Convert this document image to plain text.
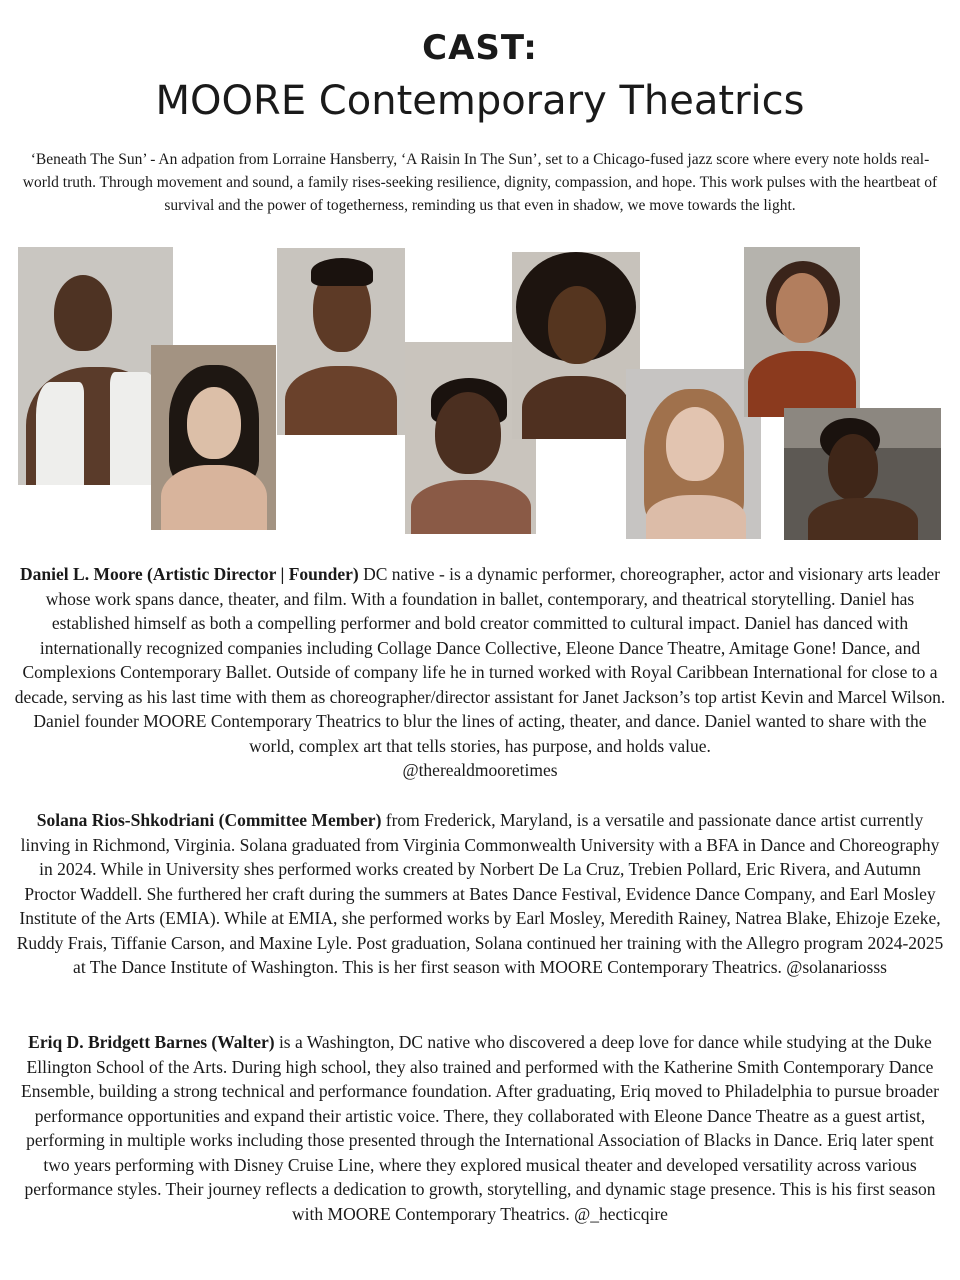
CAST:
MOORE Contemporary Theatrics
‘Beneath The Sun’ - An adpation from Lorraine Hansberry, ‘A Raisin In The Sun’, set to a Chicago-fused jazz score where every note holds real-world truth. Through movement and sound, a family rises-seeking resilience, dignity, compassion, and hope. This work pulses with the heartbeat of survival and the power of togetherness, reminding us that even in shadow, we move towards the light.
Daniel L. Moore (Artistic Director | Founder) DC native - is a dynamic performer, choreographer, actor and visionary arts leader whose work spans dance, theater, and film. With a foundation in ballet, contemporary, and theatrical storytelling. Daniel has established himself as both a compelling performer and bold creator committed to cultural impact. Daniel has danced with internationally recognized companies including Collage Dance Collective, Eleone Dance Theatre, Amitage Gone! Dance, and Complexions Contemporary Ballet. Outside of company life he in turned worked with Royal Caribbean International for close to a decade, serving as his last time with them as choreographer/director assistant for Janet Jackson’s top artist Kevin and Marcel Wilson. Daniel founder MOORE Contemporary Theatrics to blur the lines of acting, theater, and dance. Daniel wanted to share with the world, complex art that tells stories, has purpose, and holds value.
@therealdmooretimes
Solana Rios-Shkodriani (Committee Member) from Frederick, Maryland, is a versatile and passionate dance artist currently linving in Richmond, Virginia. Solana graduated from Virginia Commonwealth University with a BFA in Dance and Choreography in 2024. While in University shes performed works created by Norbert De La Cruz, Trebien Pollard, Eric Rivera, and Autumn Proctor Waddell. She furthered her craft during the summers at Bates Dance Festival, Evidence Dance Company, and Earl Mosley Institute of the Arts (EMIA). While at EMIA, she performed works by Earl Mosley, Meredith Rainey, Natrea Blake, Ehizoje Ezeke, Ruddy Frais, Tiffanie Carson, and Maxine Lyle. Post graduation, Solana continued her training with the Allegro program 2024-2025 at The Dance Institute of Washington. This is her first season with MOORE Contemporary Theatrics. @solanariosss
Eriq D. Bridgett Barnes (Walter) is a Washington, DC native who discovered a deep love for dance while studying at the Duke Ellington School of the Arts. During high school, they also trained and performed with the Katherine Smith Contemporary Dance Ensemble, building a strong technical and performance foundation. After graduating, Eriq moved to Philadelphia to pursue broader performance opportunities and expand their artistic voice. There, they collaborated with Eleone Dance Theatre as a guest artist, performing in multiple works including those presented through the International Association of Blacks in Dance. Eriq later spent two years performing with Disney Cruise Line, where they explored musical theater and developed versatility across various performance styles. Their journey reflects a dedication to growth, storytelling, and dynamic stage presence. This is his first season with MOORE Contemporary Theatrics. @_hecticqire
